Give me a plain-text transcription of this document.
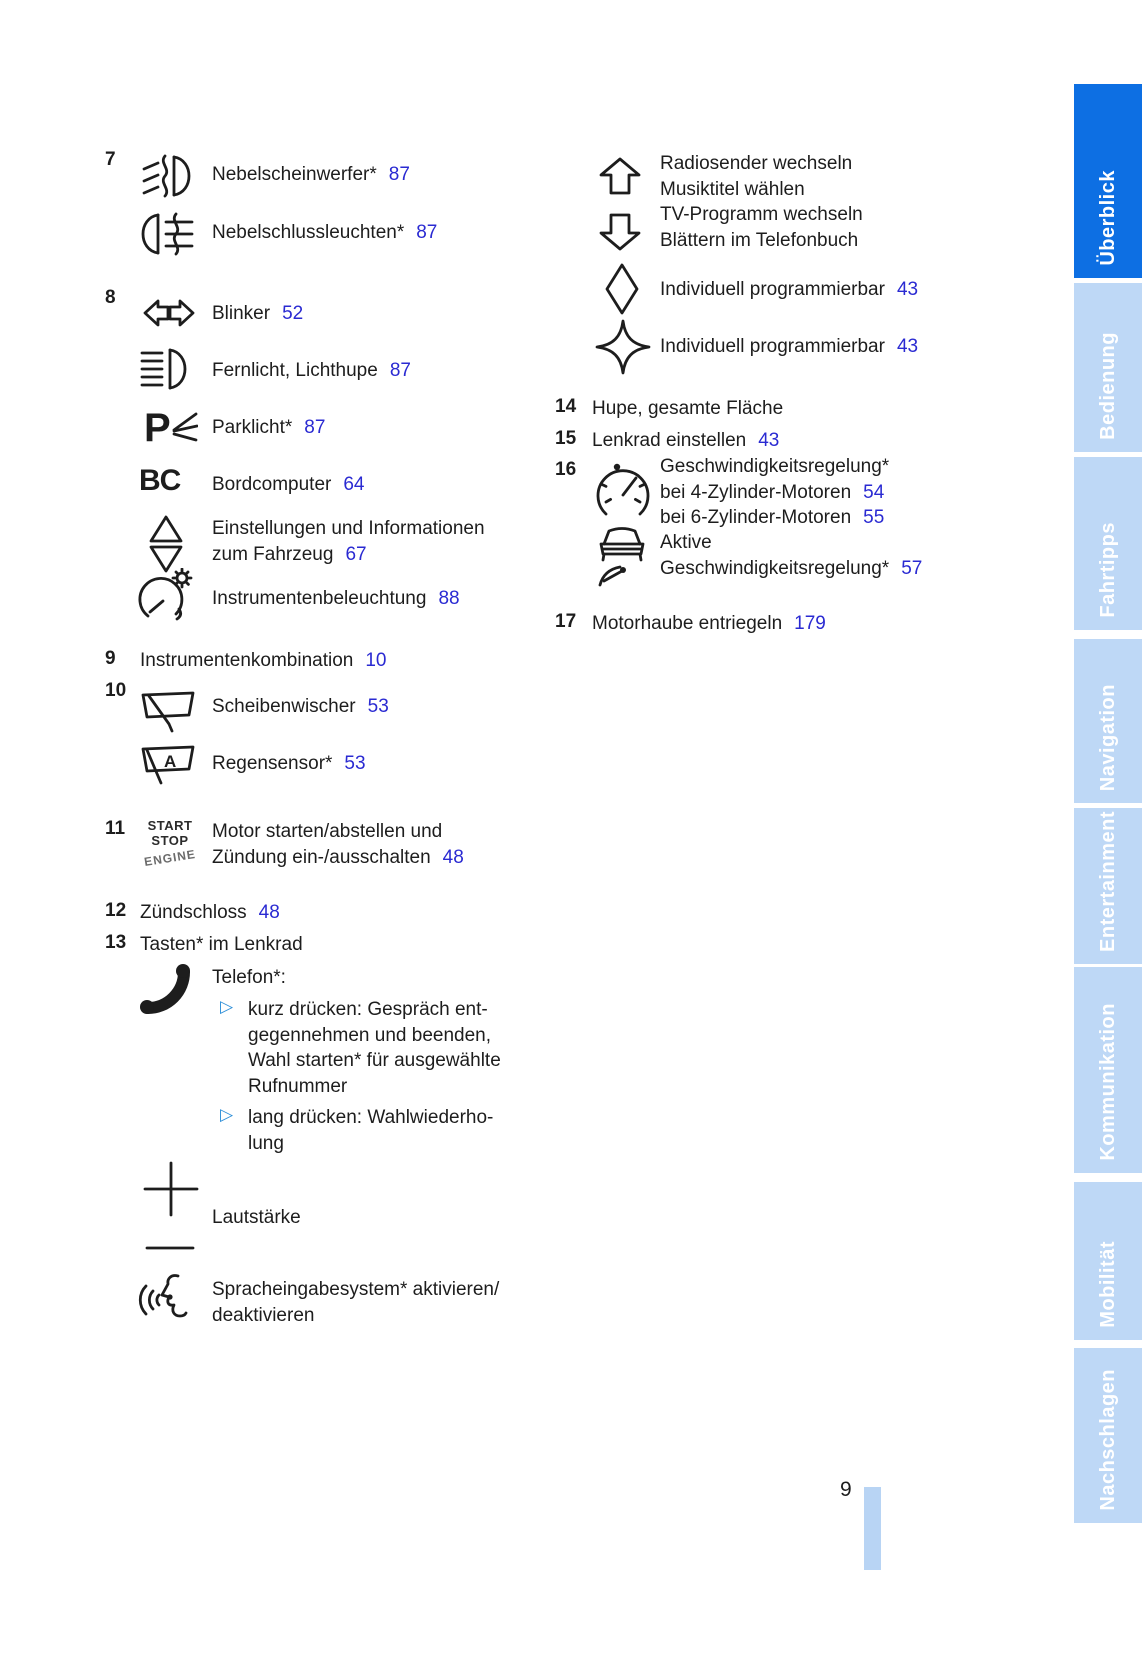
7
Nebelscheinwerfer* 87
Nebelschlussleuchten* 87
8
Blinker 52
Fernlicht, Lichthupe 87
P Parklicht* 87
BC Bordcomputer 64
Einstellungen und Informationen
zum Fahrzeug 67
Instrumentenbeleuchtung 88
9 Instrumentenkombination 10
10
Scheibenwischer 53
A Regensensor* 53
11	START
STOP
ENGINE
Motor starten/abstellen und
Zündung ein-/ausschalten 48
12 Zündschloss 48
13 Tasten* im Lenkrad
Telefon*:
▷ kurz drücken: Gespräch ent-
gegennehmen und beenden,
Wahl starten* für ausgewählte
Rufnummer
▷ lang drücken: Wahlwiederho-
lung
Lautstärke
Spracheingabesystem* aktivieren/
deaktivieren
Radiosender wechseln
Musiktitel wählen
TV-Programm wechseln
Blättern im Telefonbuch
Individuell programmierbar 43
Individuell programmierbar 43
14 Hupe, gesamte Fläche
15 Lenkrad einstellen 43
16	Geschwindigkeitsregelung*
bei 4-Zylinder-Motoren 54
bei 6-Zylinder-Motoren 55
Aktive
Geschwindigkeitsregelung* 57
17 Motorhaube entriegeln 179
Überblick
Bedienung
Fahrtipps
Navigation
Entertainment
Kommunikation
Mobilität
Nachschlagen
9
